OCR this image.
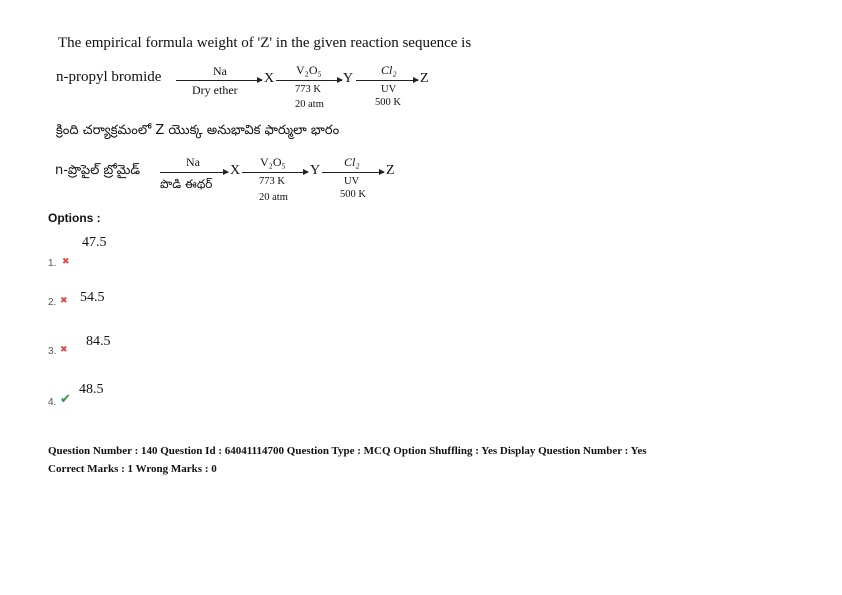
The empirical formula weight of 'Z' in the given reaction sequence is
n-propyl bromide	Na
Dry ether
X
V₂O₅
773 K
20 atm
Y
Cl₂
UV
500 K
Z
క్రింది చర్యాక్రమంలో Z యొక్క అనుభావిక ఫార్ములా భారం
n-ప్రొపైల్ బ్రోమైడ్
Na
పొడి ఈథర్
X
V₂O₅
773 K
20 atm
Y
Cl₂
UV
500 K
Z
Options :
47.5
1. ✖
2. ✖ 54.5
84.5
3. ✖
48.5
4. ✔
Question Number : 140 Question Id : 64041114700 Question Type : MCQ Option Shuffling : Yes Display Question Number : Yes
Correct Marks : 1 Wrong Marks : 0
